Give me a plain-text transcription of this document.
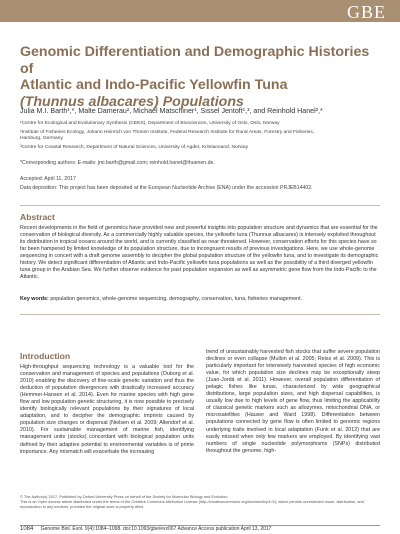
GBE
Genomic Differentiation and Demographic Histories of
Atlantic and Indo-Pacific Yellowfin Tuna
(Thunnus albacares) Populations
Julia M.I. Barth¹,*, Malte Damerau², Michael Matschiner¹, Sissel Jentoft¹,³, and Reinhold Hanel²,*
¹Centre for Ecological and Evolutionary Synthesis (CEES), Department of Biosciences, University of Oslo, Oslo, Norway
²Institute of Fisheries Ecology, Johann Heinrich von Thünen Institute, Federal Research Institute for Rural Areas, Forestry and Fisheries,
Hamburg, Germany
³Centre for Coastal Research, Department of Natural Sciences, University of Agder, Kristiansand, Norway
*Corresponding authors: E-mails: jmi.barth@gmail.com; reinhold.hanel@thuenen.de.
Accepted: April 11, 2017
Data deposition: This project has been deposited at the European Nucleotide Archive (ENA) under the accession PRJEB14402.
Abstract
Recent developments in the field of genomics have provided new and powerful insights into population structure and dynamics that are essential for the conservation of biological diversity. As a commercially highly valuable species, the yellowfin tuna (Thunnus albacares) is intensely exploited throughout its distribution in tropical oceans around the world, and is currently classified as near threatened. However, conservation efforts for this species have so far been hampered by limited knowledge of its population structure, due to incongruent results of previous investigations. Here, we use whole-genome sequencing in concert with a draft genome assembly to decipher the global population structure of the yellowfin tuna, and to investigate its demographic history. We detect significant differentiation of Atlantic and Indo-Pacific yellowfin tuna populations as well as the possibility of a third diverged yellowfin tuna group in the Arabian Sea. We further observe evidence for past population expansion as well as asymmetric gene flow from the Indo-Pacific to the Atlantic.
Key words: population genomics, whole-genome sequencing, demography, conservation, tuna, fisheries management.
Introduction
High-throughput sequencing technology is a valuable tool for the conservation and management of species and populations (Ouborg et al. 2010) enabling the discovery of fine-scale genetic variation and thus the deduction of population divergences with drastically increased accuracy (Hemmer-Hansen et al. 2014). Even for marine species with high gene flow and low population genetic structuring, it is now possible to precisely identify biologically relevant populations by their signatures of local adaptation, and to decipher the demographic imprints caused by population size changes or dispersal (Nielsen et al. 2009; Allendorf et al. 2010). For sustainable management of marine fish, identifying management units (stocks) concordant with biological population units defined by their adaptive potential to environmental variables is of prime importance. Any mismatch will exacerbate the increasing
trend of unsustainably harvested fish stocks that suffer severe population declines or even collapse (Mullon et al. 2005; Reiss et al. 2009). This is particularly important for intensively harvested species of high economic value, for which population size declines may be exceptionally steep (Juan-Jordá et al. 2011). However, overall population differentiation of pelagic fishes like tunas, characterized by wide geographical distributions, large population sizes, and high dispersal capabilities, is usually low due to high levels of gene flow, thus limiting the applicability of classical genetic markers such as allozymes, mitochondrial DNA, or microsatellites (Hauser and Ward 1998). Differentiation between populations connected by gene flow is often limited to genomic regions underlying traits involved in local adaptation (Funk et al. 2012) that are easily missed when only few markers are employed. By identifying vast numbers of single nucleotide polymorphisms (SNPs) distributed throughout the genome, high-
© The Author(s) 2017. Published by Oxford University Press on behalf of the Society for Molecular Biology and Evolution.
This is an Open Access article distributed under the terms of the Creative Commons Attribution License (http://creativecommons.org/licenses/by/4.0/), which permits unrestricted reuse, distribution, and reproduction in any medium, provided the original work is properly cited.
1084 Genome Biol. Evol. 9(4):1084–1098. doi:10.1093/gbe/evx067 Advance Access publication April 13, 2017
